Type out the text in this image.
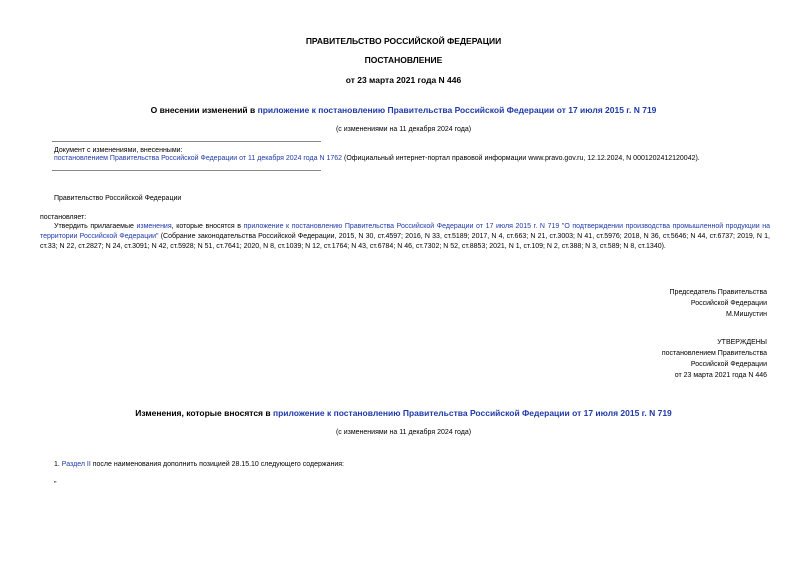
ПРАВИТЕЛЬСТВО РОССИЙСКОЙ ФЕДЕРАЦИИ
ПОСТАНОВЛЕНИЕ
от 23 марта 2021 года N 446
О внесении изменений в приложение к постановлению Правительства Российской Федерации от 17 июля 2015 г. N 719
(с изменениями на 11 декабря 2024 года)
Документ с изменениями, внесенными:
постановлением Правительства Российской Федерации от 11 декабря 2024 года N 1762 (Официальный интернет-портал правовой информации www.pravo.gov.ru, 12.12.2024, N 0001202412120042).
Правительство Российской Федерации
постановляет:
Утвердить прилагаемые изменения, которые вносятся в приложение к постановлению Правительства Российской Федерации от 17 июля 2015 г. N 719 "О подтверждении производства промышленной продукции на территории Российской Федерации" (Собрание законодательства Российской Федерации, 2015, N 30, ст.4597; 2016, N 33, ст.5189; 2017, N 4, ст.663; N 21, ст.3003; N 41, ст.5976; 2018, N 36, ст.5646; N 44, ст.6737; 2019, N 1, ст.33; N 22, ст.2827; N 24, ст.3091; N 42, ст.5928; N 51, ст.7641; 2020, N 8, ст.1039; N 12, ст.1764; N 43, ст.6784; N 46, ст.7302; N 52, ст.8853; 2021, N 1, ст.109; N 2, ст.388; N 3, ст.589; N 8, ст.1340).
Председатель Правительства
Российской Федерации
М.Мишустин
УТВЕРЖДЕНЫ
постановлением Правительства
Российской Федерации
от 23 марта 2021 года N 446
Изменения, которые вносятся в приложение к постановлению Правительства Российской Федерации от 17 июля 2015 г. N 719
(с изменениями на 11 декабря 2024 года)
1. Раздел II после наименования дополнить позицией 28.15.10 следующего содержания:
"
